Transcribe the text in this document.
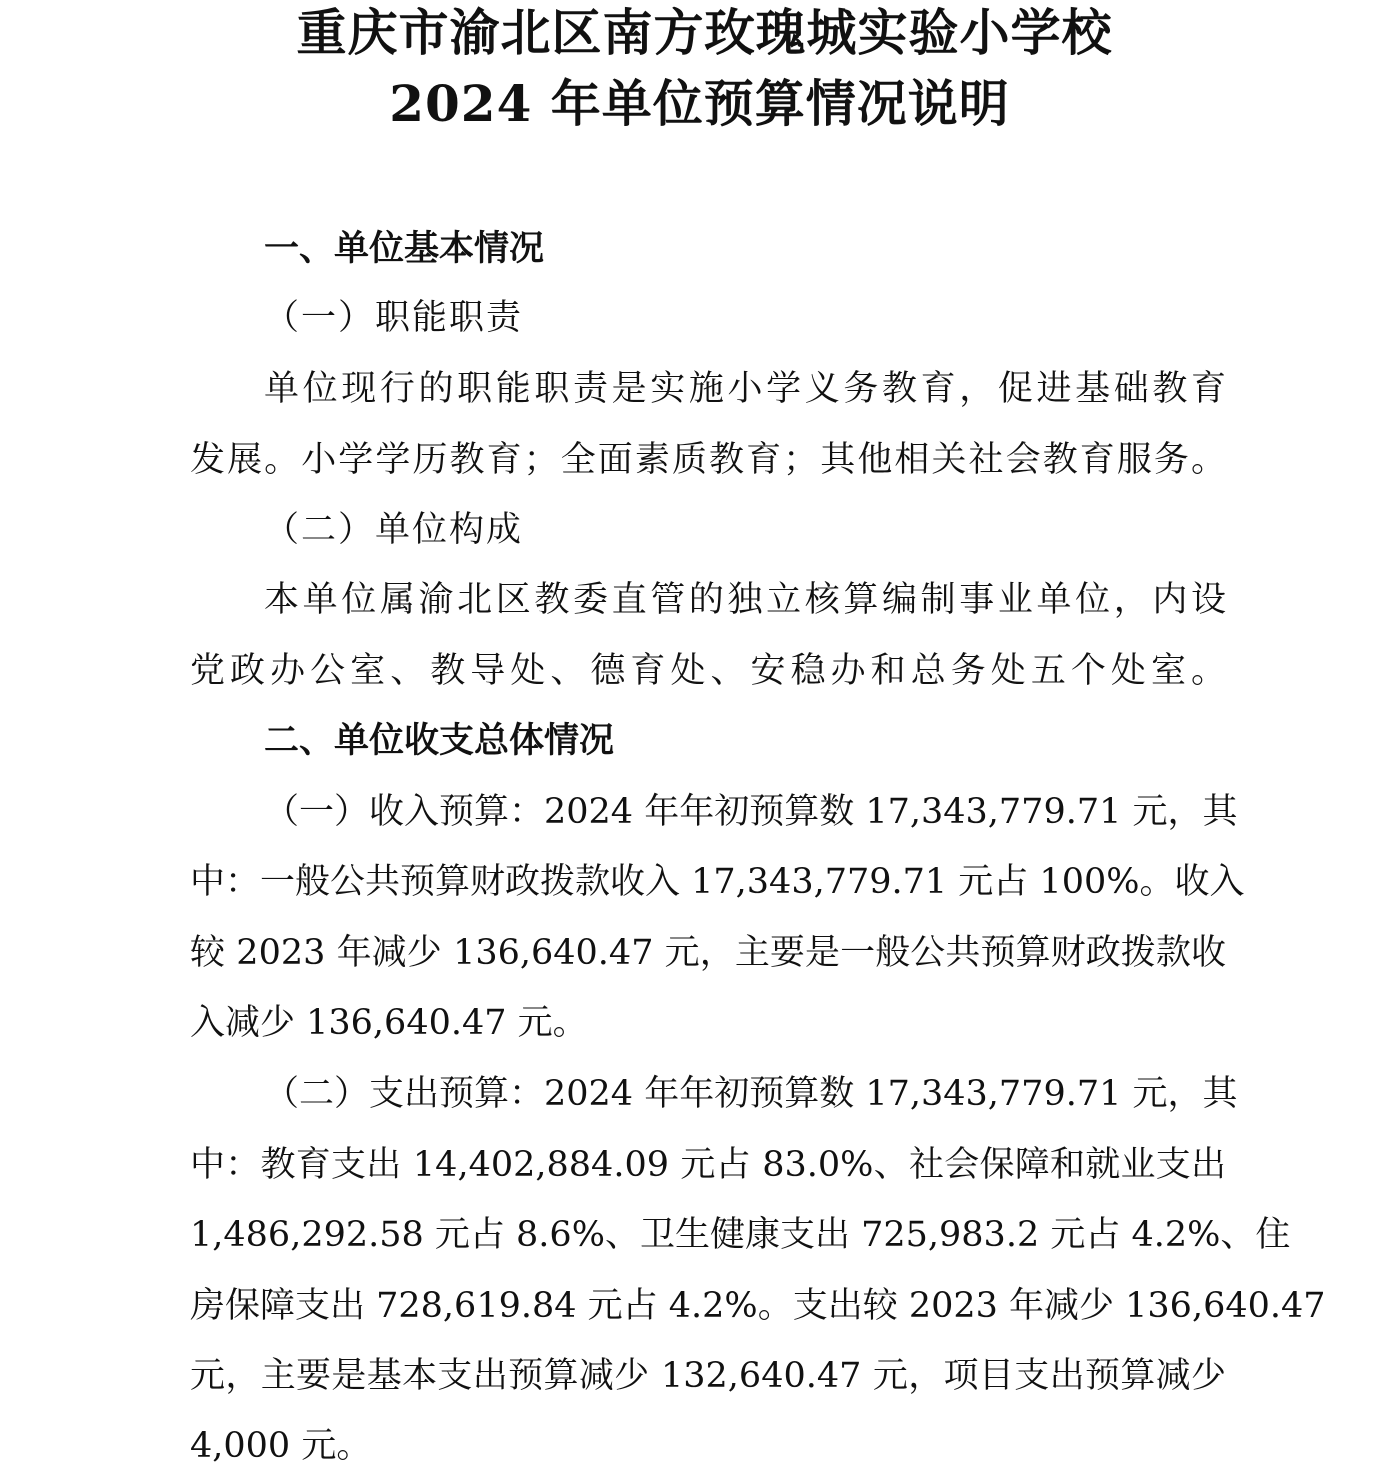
重庆市渝北区南方玫瑰城实验小学校
2024 年单位预算情况说明
一、单位基本情况
（一）职能职责
单位现行的职能职责是实施小学义务教育，促进基础教育
发展。小学学历教育；全面素质教育；其他相关社会教育服务。
（二）单位构成
本单位属渝北区教委直管的独立核算编制事业单位，内设
党政办公室、教导处、德育处、安稳办和总务处五个处室。
二、单位收支总体情况
（一）收入预算：2024 年年初预算数 17,343,779.71 元，其
中：一般公共预算财政拨款收入 17,343,779.71 元占 100%。收入
较 2023 年减少 136,640.47 元，主要是一般公共预算财政拨款收
入减少 136,640.47 元。
（二）支出预算：2024 年年初预算数 17,343,779.71 元，其
中：教育支出 14,402,884.09 元占 83.0%、社会保障和就业支出
1,486,292.58 元占 8.6%、卫生健康支出 725,983.2 元占 4.2%、住
房保障支出 728,619.84 元占 4.2%。支出较 2023 年减少 136,640.47
元，主要是基本支出预算减少 132,640.47 元，项目支出预算减少
4,000 元。
